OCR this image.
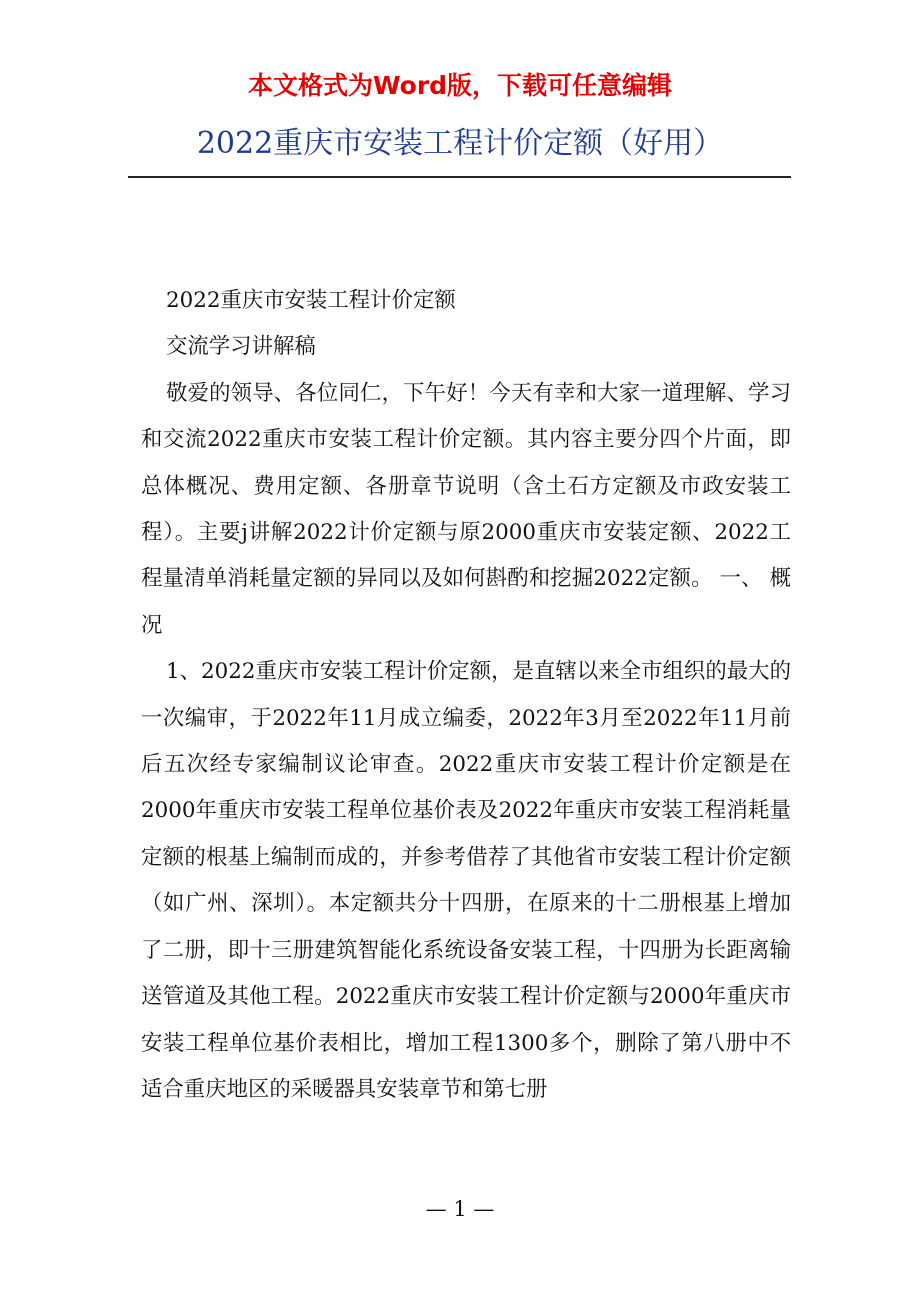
本文格式为Word版，下载可任意编辑
2022重庆市安装工程计价定额（好用）

2022重庆市安装工程计价定额

交流学习讲解稿

敬爱的领导、各位同仁，下午好！今天有幸和大家一道理解、学习和交流2022重庆市安装工程计价定额。其内容主要分四个片面，即总体概况、费用定额、各册章节说明（含土石方定额及市政安装工程）。主要j讲解2022计价定额与原2000重庆市安装定额、2022工程量清单消耗量定额的异同以及如何斟酌和挖掘2022定额。 一、 概况

1、2022重庆市安装工程计价定额，是直辖以来全市组织的最大的一次编审，于2022年11月成立编委，2022年3月至2022年11月前后五次经专家编制议论审查。2022重庆市安装工程计价定额是在2000年重庆市安装工程单位基价表及2022年重庆市安装工程消耗量定额的根基上编制而成的，并参考借荐了其他省市安装工程计价定额（如广州、深圳）。本定额共分十四册，在原来的十二册根基上增加了二册，即十三册建筑智能化系统设备安装工程，十四册为长距离输送管道及其他工程。2022重庆市安装工程计价定额与2000年重庆市安装工程单位基价表相比，增加工程1300多个，删除了第八册中不适合重庆地区的采暖器具安装章节和第七册

— 1 —
